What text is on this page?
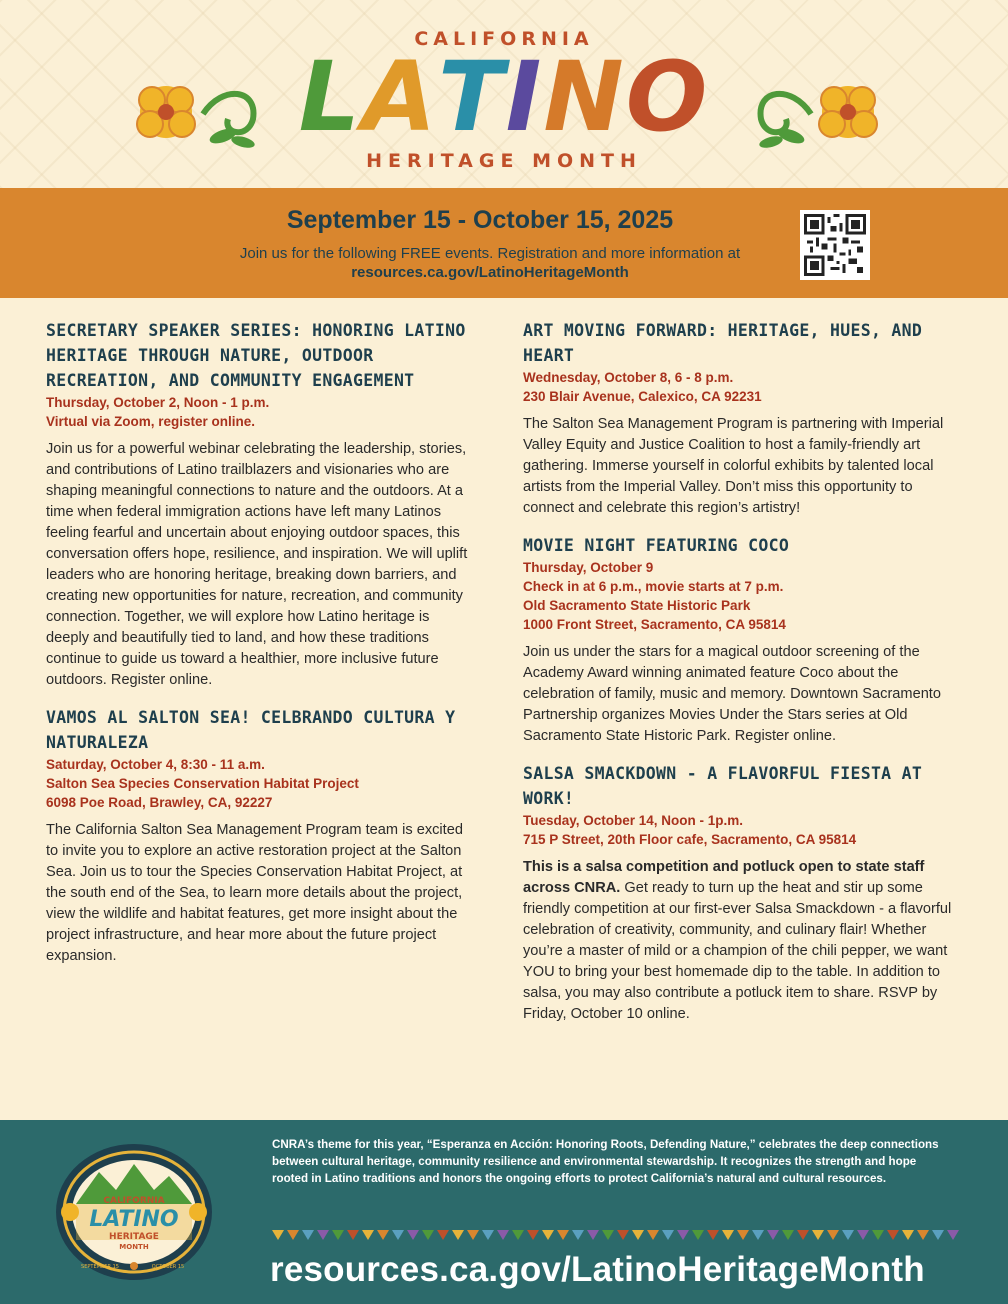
CALIFORNIA
LATINO
HERITAGE MONTH
September 15 - October 15, 2025
Join us for the following FREE events. Registration and more information at
resources.ca.gov/LatinoHeritageMonth
SECRETARY SPEAKER SERIES: HONORING LATINO HERITAGE THROUGH NATURE, OUTDOOR RECREATION, AND COMMUNITY ENGAGEMENT
Thursday, October 2, Noon - 1 p.m.
Virtual via Zoom, register online.
Join us for a powerful webinar celebrating the leadership, stories, and contributions of Latino trailblazers and visionaries who are shaping meaningful connections to nature and the outdoors. At a time when federal immigration actions have left many Latinos feeling fearful and uncertain about enjoying outdoor spaces, this conversation offers hope, resilience, and inspiration. We will uplift leaders who are honoring heritage, breaking down barriers, and creating new opportunities for nature, recreation, and community connection. Together, we will explore how Latino heritage is deeply and beautifully tied to land, and how these traditions continue to guide us toward a healthier, more inclusive future outdoors. Register online.
VAMOS AL SALTON SEA! CELBRANDO CULTURA Y NATURALEZA
Saturday, October 4, 8:30 - 11 a.m.
Salton Sea Species Conservation Habitat Project
6098 Poe Road, Brawley, CA, 92227
The California Salton Sea Management Program team is excited to invite you to explore an active restoration project at the Salton Sea. Join us to tour the Species Conservation Habitat Project, at the south end of the Sea, to learn more details about the project, view the wildlife and habitat features, get more insight about the project infrastructure, and hear more about the future project expansion.
ART MOVING FORWARD: HERITAGE, HUES, AND HEART
Wednesday, October 8, 6 - 8 p.m.
230 Blair Avenue, Calexico, CA 92231
The Salton Sea Management Program is partnering with Imperial Valley Equity and Justice Coalition to host a family-friendly art gathering. Immerse yourself in colorful exhibits by talented local artists from the Imperial Valley. Don’t miss this opportunity to connect and celebrate this region’s artistry!
MOVIE NIGHT FEATURING COCO
Thursday, October 9
Check in at 6 p.m., movie starts at 7 p.m.
Old Sacramento State Historic Park
1000 Front Street, Sacramento, CA 95814
Join us under the stars for a magical outdoor screening of the Academy Award winning animated feature Coco about the celebration of family, music and memory. Downtown Sacramento Partnership organizes Movies Under the Stars series at Old Sacramento State Historic Park. Register online.
SALSA SMACKDOWN - A FLAVORFUL FIESTA AT WORK!
Tuesday, October 14, Noon - 1p.m.
715 P Street, 20th Floor cafe, Sacramento, CA 95814
This is a salsa competition and potluck open to state staff across CNRA. Get ready to turn up the heat and stir up some friendly competition at our first-ever Salsa Smackdown - a flavorful celebration of creativity, community, and culinary flair! Whether you’re a master of mild or a champion of the chili pepper, we want YOU to bring your best homemade dip to the table. In addition to salsa, you may also contribute a potluck item to share. RSVP by Friday, October 10 online.
CALIFORNIA
LATINO
HERITAGE
MONTH
SEPTEMBER 15	OCTOBER 15
CNRA’s theme for this year, “Esperanza en Acción: Honoring Roots, Defending Nature,” celebrates the deep connections between cultural heritage, community resilience and environmental stewardship. It recognizes the strength and hope rooted in Latino traditions and honors the ongoing efforts to protect California’s natural and cultural resources.
resources.ca.gov/LatinoHeritageMonth
